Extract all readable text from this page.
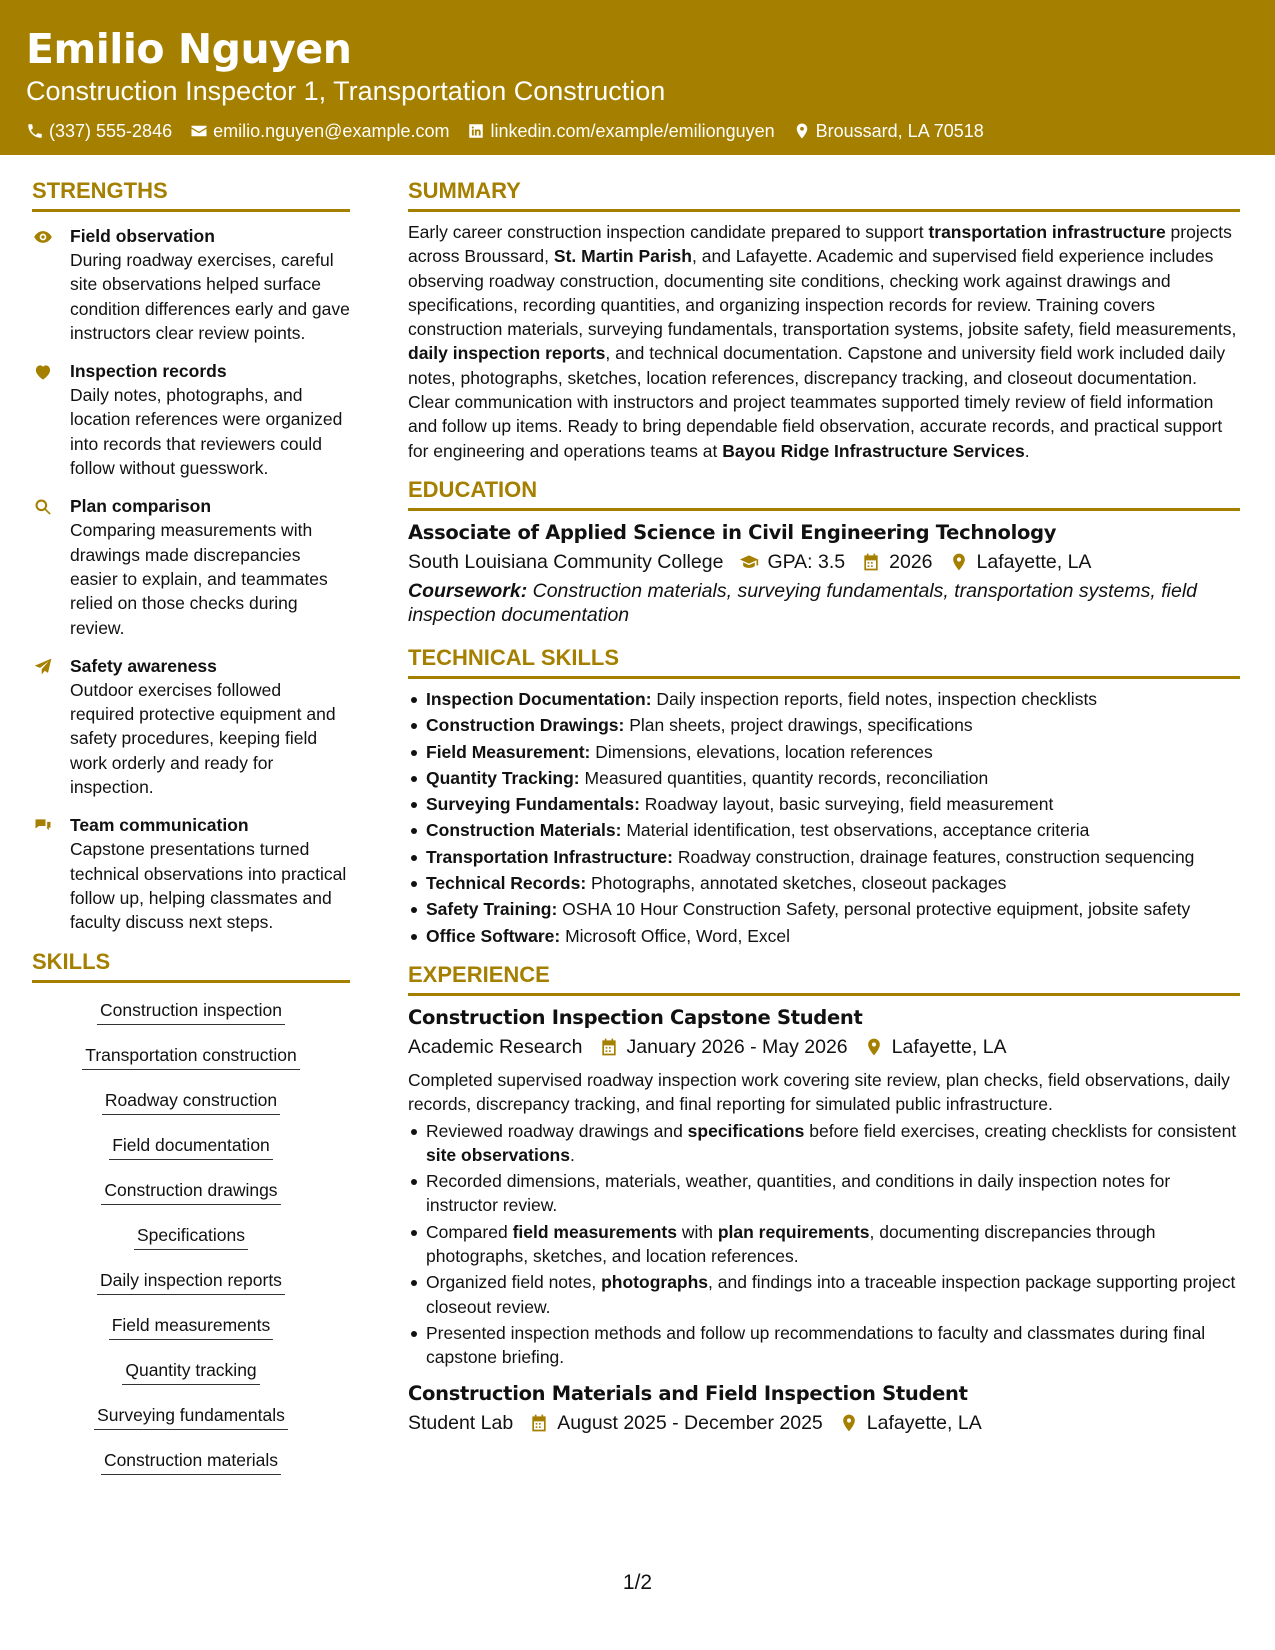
Emilio Nguyen
Construction Inspector 1, Transportation Construction
(337) 555-2846 emilio.nguyen@example.com linkedin.com/example/emilionguyen Broussard, LA 70518
STRENGTHS
Field observation
During roadway exercises, careful site observations helped surface condition differences early and gave instructors clear review points.
Inspection records
Daily notes, photographs, and location references were organized into records that reviewers could follow without guesswork.
Plan comparison
Comparing measurements with drawings made discrepancies easier to explain, and teammates relied on those checks during review.
Safety awareness
Outdoor exercises followed required protective equipment and safety procedures, keeping field work orderly and ready for inspection.
Team communication
Capstone presentations turned technical observations into practical follow up, helping classmates and faculty discuss next steps.
SKILLS
Construction inspection
Transportation construction
Roadway construction
Field documentation
Construction drawings
Specifications
Daily inspection reports
Field measurements
Quantity tracking
Surveying fundamentals
Construction materials
SUMMARY
Early career construction inspection candidate prepared to support transportation infrastructure projects across Broussard, St. Martin Parish, and Lafayette. Academic and supervised field experience includes observing roadway construction, documenting site conditions, checking work against drawings and specifications, recording quantities, and organizing inspection records for review. Training covers construction materials, surveying fundamentals, transportation systems, jobsite safety, field measurements, daily inspection reports, and technical documentation. Capstone and university field work included daily notes, photographs, sketches, location references, discrepancy tracking, and closeout documentation. Clear communication with instructors and project teammates supported timely review of field information and follow up items. Ready to bring dependable field observation, accurate records, and practical support for engineering and operations teams at Bayou Ridge Infrastructure Services.
EDUCATION
Associate of Applied Science in Civil Engineering Technology
South Louisiana Community College GPA: 3.5 2026 Lafayette, LA
Coursework: Construction materials, surveying fundamentals, transportation systems, field inspection documentation
TECHNICAL SKILLS
Inspection Documentation: Daily inspection reports, field notes, inspection checklists
Construction Drawings: Plan sheets, project drawings, specifications
Field Measurement: Dimensions, elevations, location references
Quantity Tracking: Measured quantities, quantity records, reconciliation
Surveying Fundamentals: Roadway layout, basic surveying, field measurement
Construction Materials: Material identification, test observations, acceptance criteria
Transportation Infrastructure: Roadway construction, drainage features, construction sequencing
Technical Records: Photographs, annotated sketches, closeout packages
Safety Training: OSHA 10 Hour Construction Safety, personal protective equipment, jobsite safety
Office Software: Microsoft Office, Word, Excel
EXPERIENCE
Construction Inspection Capstone Student
Academic Research January 2026 - May 2026 Lafayette, LA
Completed supervised roadway inspection work covering site review, plan checks, field observations, daily records, discrepancy tracking, and final reporting for simulated public infrastructure.
Reviewed roadway drawings and specifications before field exercises, creating checklists for consistent site observations.
Recorded dimensions, materials, weather, quantities, and conditions in daily inspection notes for instructor review.
Compared field measurements with plan requirements, documenting discrepancies through photographs, sketches, and location references.
Organized field notes, photographs, and findings into a traceable inspection package supporting project closeout review.
Presented inspection methods and follow up recommendations to faculty and classmates during final capstone briefing.
Construction Materials and Field Inspection Student
Student Lab August 2025 - December 2025 Lafayette, LA
1/2
